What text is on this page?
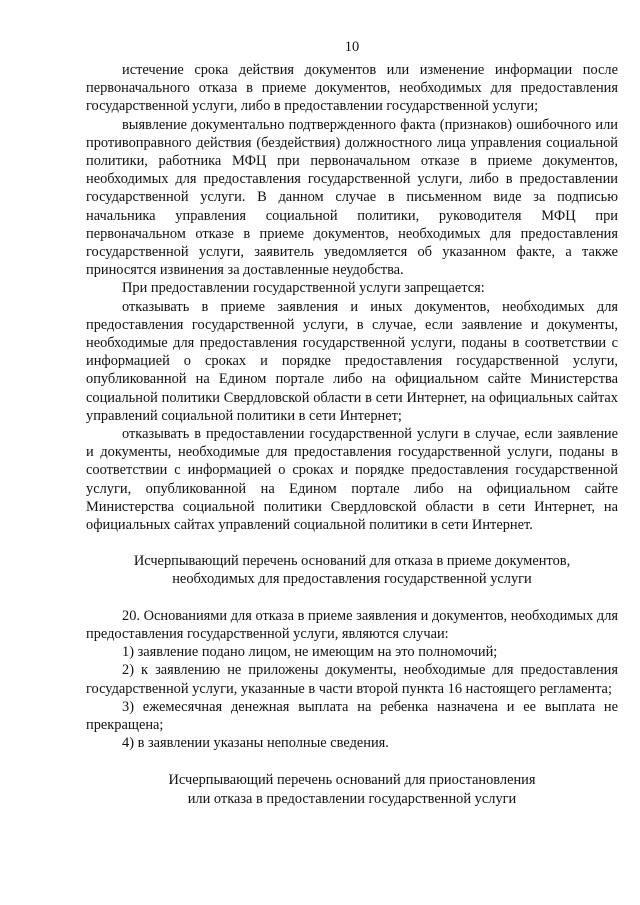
10

истечение срока действия документов или изменение информации после первоначального отказа в приеме документов, необходимых для предоставления государственной услуги, либо в предоставлении государственной услуги;

выявление документально подтвержденного факта (признаков) ошибочного или противоправного действия (бездействия) должностного лица управления социальной политики, работника МФЦ при первоначальном отказе в приеме документов, необходимых для предоставления государственной услуги, либо в предоставлении государственной услуги. В данном случае в письменном виде за подписью начальника управления социальной политики, руководителя МФЦ при первоначальном отказе в приеме документов, необходимых для предоставления государственной услуги, заявитель уведомляется об указанном факте, а также приносятся извинения за доставленные неудобства.

При предоставлении государственной услуги запрещается:

отказывать в приеме заявления и иных документов, необходимых для предоставления государственной услуги, в случае, если заявление и документы, необходимые для предоставления государственной услуги, поданы в соответствии с информацией о сроках и порядке предоставления государственной услуги, опубликованной на Едином портале либо на официальном сайте Министерства социальной политики Свердловской области в сети Интернет, на официальных сайтах управлений социальной политики в сети Интернет;

отказывать в предоставлении государственной услуги в случае, если заявление и документы, необходимые для предоставления государственной услуги, поданы в соответствии с информацией о сроках и порядке предоставления государственной услуги, опубликованной на Едином портале либо на официальном сайте Министерства социальной политики Свердловской области в сети Интернет, на официальных сайтах управлений социальной политики в сети Интернет.

Исчерпывающий перечень оснований для отказа в приеме документов,

необходимых для предоставления государственной услуги

20. Основаниями для отказа в приеме заявления и документов, необходимых для предоставления государственной услуги, являются случаи:

1) заявление подано лицом, не имеющим на это полномочий;

2) к заявлению не приложены документы, необходимые для предоставления государственной услуги, указанные в части второй пункта 16 настоящего регламента;

3) ежемесячная денежная выплата на ребенка назначена и ее выплата не прекращена;

4) в заявлении указаны неполные сведения.

Исчерпывающий перечень оснований для приостановления

или отказа в предоставлении государственной услуги
